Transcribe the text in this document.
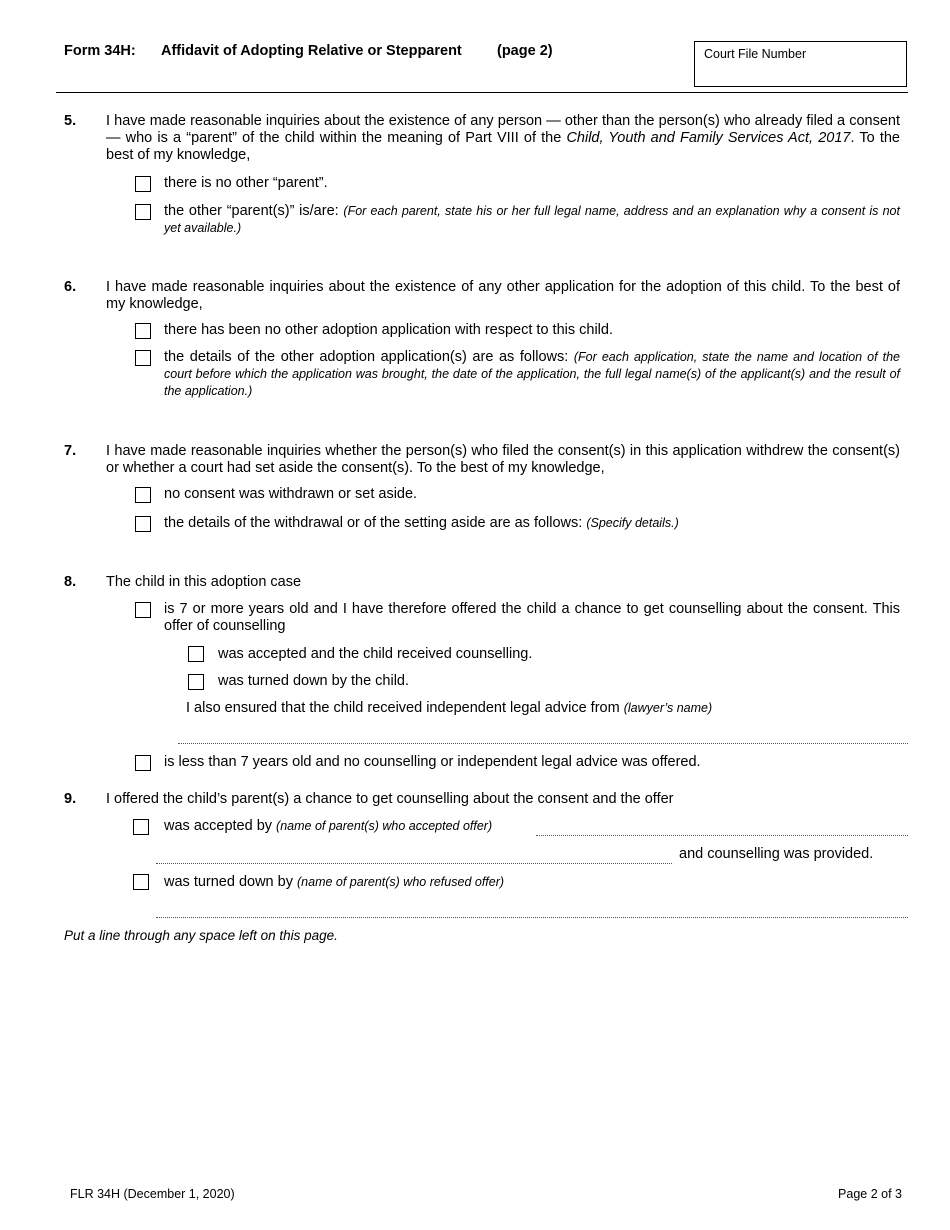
Form 34H: Affidavit of Adopting Relative or Stepparent (page 2)	Court File Number
5. I have made reasonable inquiries about the existence of any person — other than the person(s) who already filed a consent — who is a “parent” of the child within the meaning of Part VIII of the Child, Youth and Family Services Act, 2017. To the best of my knowledge,
there is no other “parent”.
the other “parent(s)” is/are: (For each parent, state his or her full legal name, address and an explanation why a consent is not yet available.)
6. I have made reasonable inquiries about the existence of any other application for the adoption of this child. To the best of my knowledge,
there has been no other adoption application with respect to this child.
the details of the other adoption application(s) are as follows: (For each application, state the name and location of the court before which the application was brought, the date of the application, the full legal name(s) of the applicant(s) and the result of the application.)
7. I have made reasonable inquiries whether the person(s) who filed the consent(s) in this application withdrew the consent(s) or whether a court had set aside the consent(s). To the best of my knowledge,
no consent was withdrawn or set aside.
the details of the withdrawal or of the setting aside are as follows: (Specify details.)
8. The child in this adoption case
is 7 or more years old and I have therefore offered the child a chance to get counselling about the consent. This offer of counselling
was accepted and the child received counselling.
was turned down by the child.
I also ensured that the child received independent legal advice from (lawyer’s name)
is less than 7 years old and no counselling or independent legal advice was offered.
9. I offered the child’s parent(s) a chance to get counselling about the consent and the offer
was accepted by (name of parent(s) who accepted offer)
and counselling was provided.
was turned down by (name of parent(s) who refused offer)
Put a line through any space left on this page.
FLR 34H (December 1, 2020)	Page 2 of 3
